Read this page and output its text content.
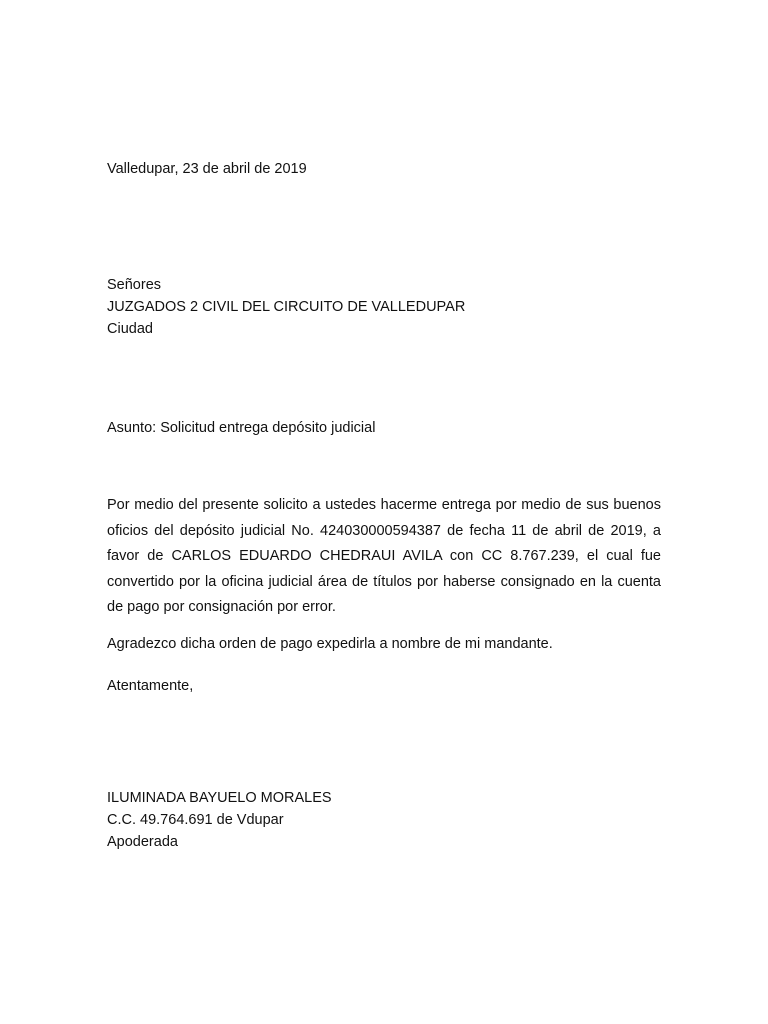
Valledupar, 23 de abril de 2019
Señores
JUZGADOS 2 CIVIL DEL CIRCUITO DE VALLEDUPAR
Ciudad
Asunto: Solicitud entrega depósito judicial
Por medio del presente solicito a ustedes hacerme entrega por medio de sus buenos oficios del depósito judicial No. 424030000594387 de fecha 11 de abril de 2019, a favor de CARLOS EDUARDO CHEDRAUI AVILA con CC 8.767.239, el cual fue convertido por la oficina judicial área de títulos por haberse consignado en la cuenta de pago por consignación por error.
Agradezco dicha orden de pago expedirla a nombre de mi mandante.
Atentamente,
ILUMINADA BAYUELO MORALES
C.C. 49.764.691 de Vdupar
Apoderada
